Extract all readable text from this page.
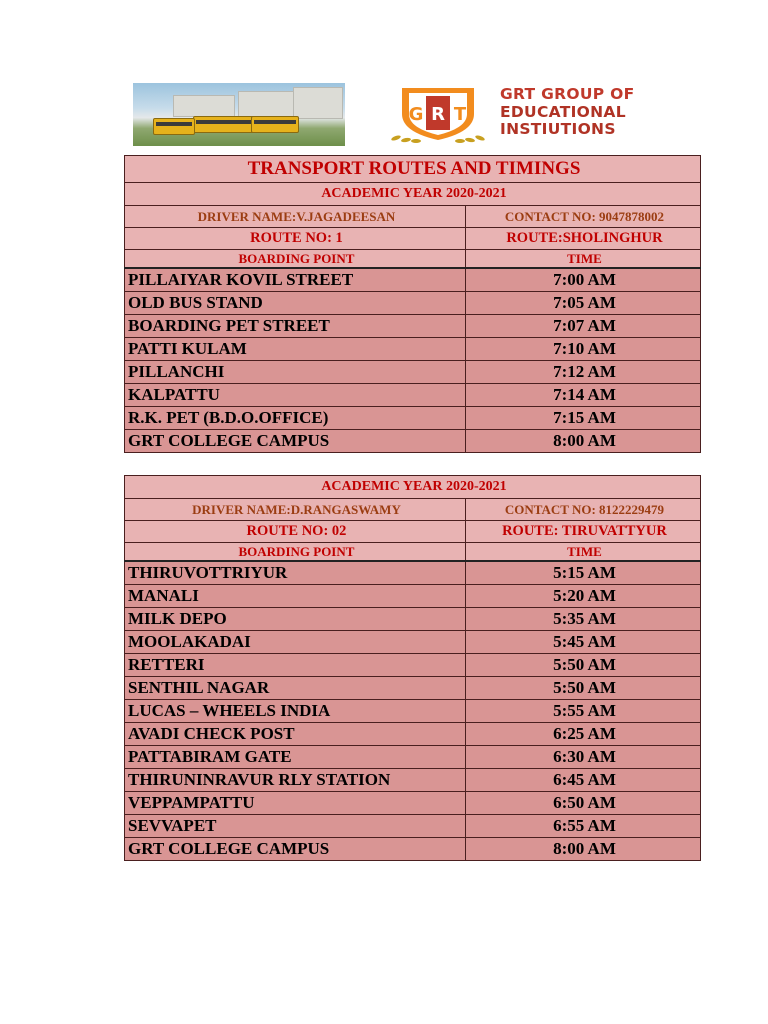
G R T
GRT GROUP OF
EDUCATIONAL
INSTIUTIONS
TRANSPORT ROUTES AND TIMINGS	
ACADEMIC YEAR 2020-2021	
DRIVER NAME:V.JAGADEESAN	CONTACT NO: 9047878002
ROUTE NO: 1	ROUTE:SHOLINGHUR
BOARDING POINT	TIME
PILLAIYAR KOVIL STREET	7:00 AM
OLD BUS STAND	7:05 AM
BOARDING PET STREET	7:07 AM
PATTI KULAM	7:10 AM
PILLANCHI	7:12 AM
KALPATTU	7:14 AM
R.K. PET (B.D.O.OFFICE)	7:15 AM
GRT COLLEGE CAMPUS	8:00 AM
ACADEMIC YEAR 2020-2021	
DRIVER NAME:D.RANGASWAMY	CONTACT NO: 8122229479
ROUTE NO: 02	ROUTE: TIRUVATTYUR
BOARDING POINT	TIME
THIRUVOTTRIYUR	5:15 AM
MANALI	5:20 AM
MILK DEPO	5:35 AM
MOOLAKADAI	5:45 AM
RETTERI	5:50 AM
SENTHIL NAGAR	5:50 AM
LUCAS – WHEELS INDIA	5:55 AM
AVADI CHECK POST	6:25 AM
PATTABIRAM GATE	6:30 AM
THIRUNINRAVUR RLY STATION	6:45 AM
VEPPAMPATTU	6:50 AM
SEVVAPET	6:55 AM
GRT COLLEGE CAMPUS	8:00 AM
